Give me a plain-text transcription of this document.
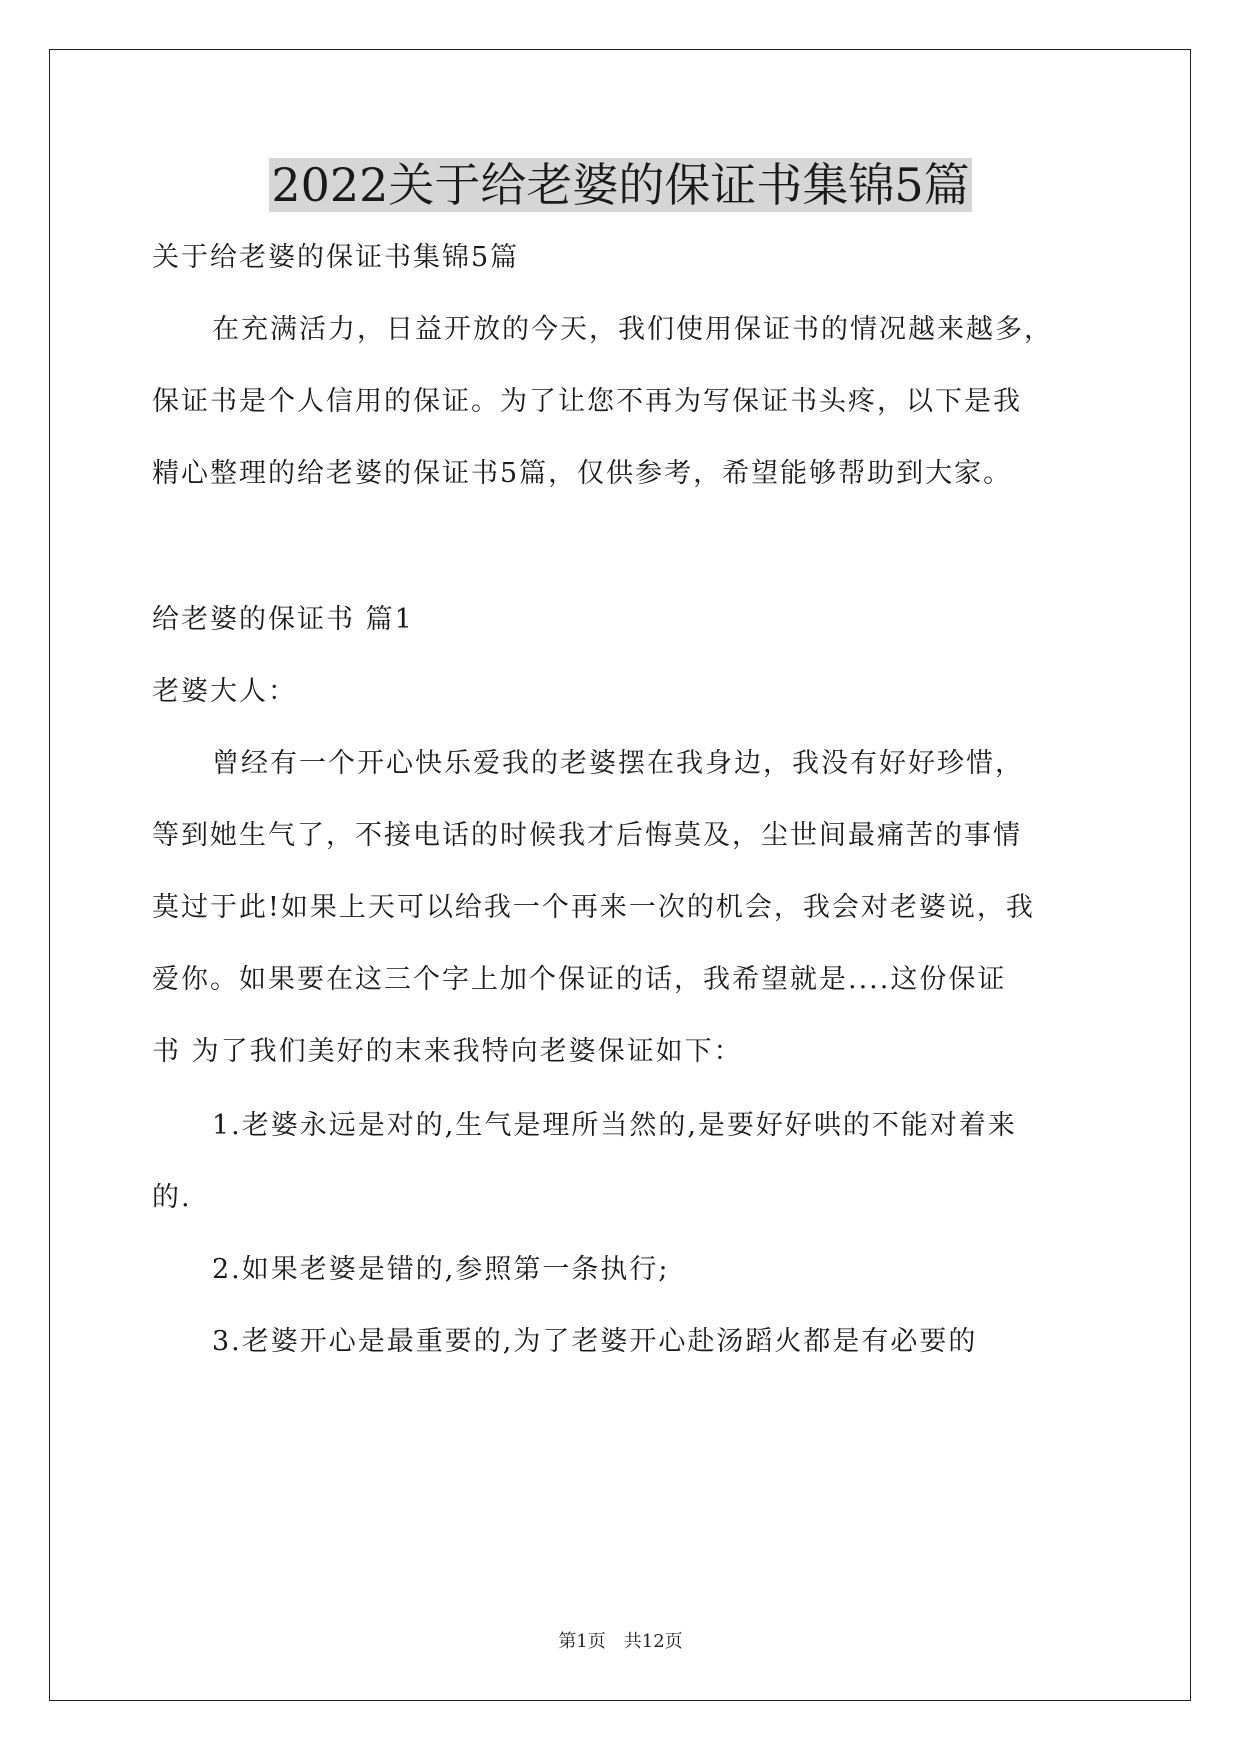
2022关于给老婆的保证书集锦5篇

关于给老婆的保证书集锦5篇

在充满活力，日益开放的今天，我们使用保证书的情况越来越多，

保证书是个人信用的保证。为了让您不再为写保证书头疼，以下是我

精心整理的给老婆的保证书5篇，仅供参考，希望能够帮助到大家。

给老婆的保证书 篇1

老婆大人：

曾经有一个开心快乐爱我的老婆摆在我身边，我没有好好珍惜，

等到她生气了，不接电话的时候我才后悔莫及，尘世间最痛苦的事情

莫过于此!如果上天可以给我一个再来一次的机会，我会对老婆说，我

爱你。如果要在这三个字上加个保证的话，我希望就是....这份保证

书 为了我们美好的末来我特向老婆保证如下：

1.老婆永远是对的,生气是理所当然的,是要好好哄的不能对着来

的.

2.如果老婆是错的,参照第一条执行;

3.老婆开心是最重要的,为了老婆开心赴汤蹈火都是有必要的

第1页 共12页
